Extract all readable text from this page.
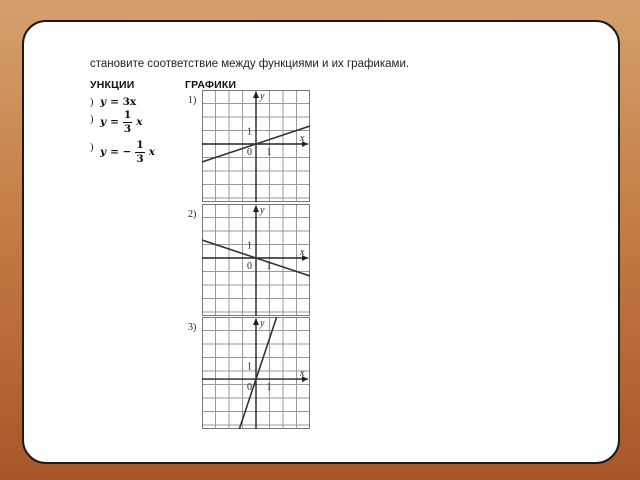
становите соответствие между функциями и их графиками.
УНКЦИИ	ГРАФИКИ
) y = 3x
) $y = \frac{1}{3}$ x
) y = − $\frac{1}{3}$ x
1)
2)
3)
y
x
0 1
1
y
x
0 1
1
y
x
0 1
1
